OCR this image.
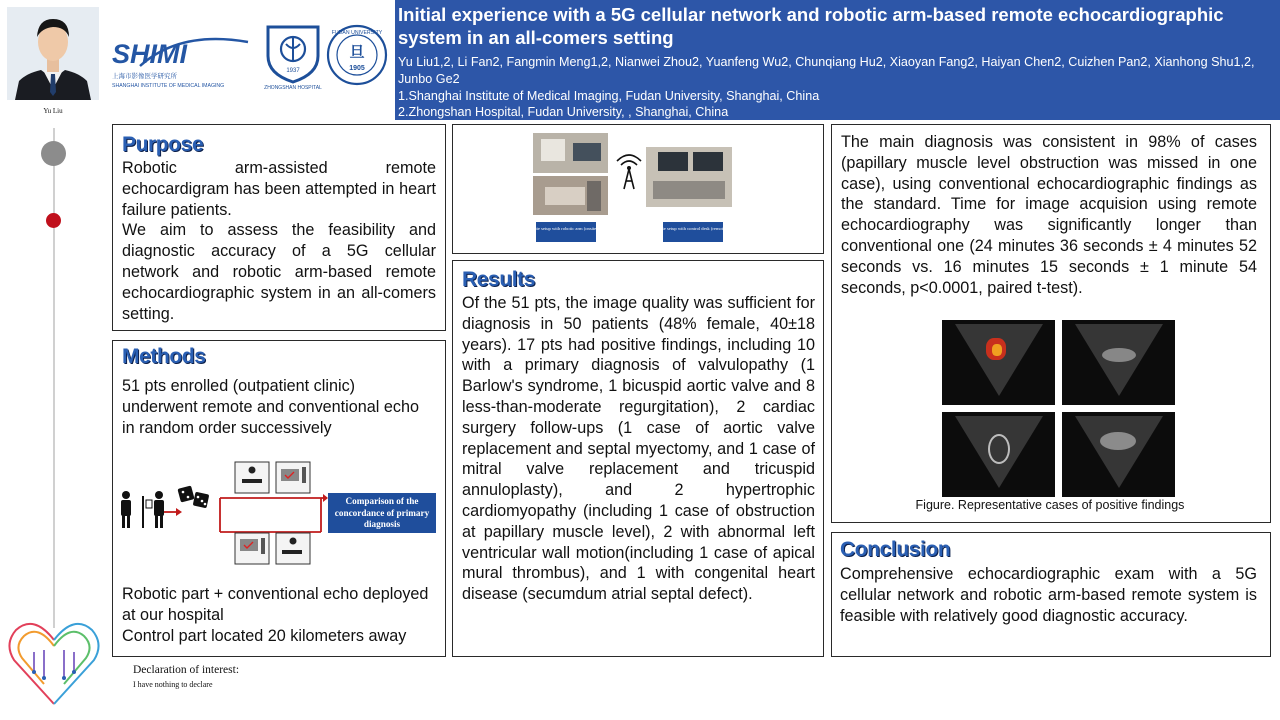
Yu Liu
SHIMI
上海市影像医学研究所
SHANGHAI INSTITUTE OF MEDICAL IMAGING
1937
ZHONGSHAN HOSPITAL
旦
1905
FUDAN UNIVERSITY
Initial experience with a 5G cellular network and robotic arm-based remote echocardiographic system in an all-comers setting
Yu Liu1,2, Li Fan2, Fangmin Meng1,2, Nianwei Zhou2, Yuanfeng Wu2, Chunqiang Hu2, Xiaoyan Fang2, Haiyan Chen2, Cuizhen Pan2, Xianhong Shu1,2, Junbo Ge2
1.Shanghai Institute of Medical Imaging, Fudan University, Shanghai, China
2.Zhongshan Hospital, Fudan University, , Shanghai, China
Purpose
Robotic arm-assisted remote echocardigram has been attempted in heart failure patients.
We aim to assess the feasibility and diagnostic accuracy of a 5G cellular network and robotic arm-based remote echocardiographic system in an all-comers setting.
Methods
51 pts enrolled (outpatient clinic) underwent remote and conventional echo in random order successively
Comparison of the concordance of primary diagnosis
Robotic part + conventional echo deployed at our hospital
Control part located 20 kilometers away
On-site setup with robotic arm (onsite end)	Remote setup with control desk (remote end)
Results
Of the 51 pts, the image quality was sufficient for diagnosis in 50 patients (48% female, 40±18 years). 17 pts had positive findings, including 10 with a primary diagnosis of valvulopathy (1 Barlow's syndrome, 1 bicuspid aortic valve and 8 less-than-moderate regurgitation), 2 cardiac surgery follow-ups (1 case of aortic valve replacement and septal myectomy, and 1 case of mitral valve replacement and tricuspid annuloplasty), and 2 hypertrophic cardiomyopathy (including 1 case of obstruction at papillary muscle level), 2 with abnormal left ventricular wall motion(including 1 case of apical mural thrombus), and 1 with congenital heart disease (secumdum atrial septal defect).
The main diagnosis was consistent in 98% of cases (papillary muscle level obstruction was missed in one case), using conventional echocardiographic findings as the standard. Time for image acquision using remote echocardiography was significantly longer than conventional one (24 minutes 36 seconds ± 4 minutes 52 seconds vs. 16 minutes 15 seconds ± 1 minute 54 seconds, p<0.0001, paired t-test).
Figure. Representative cases of positive findings
Conclusion
Comprehensive echocardiographic exam with a 5G cellular network and robotic arm-based remote system is feasible with relatively good diagnostic accuracy.
Declaration of interest:
I have nothing to declare
